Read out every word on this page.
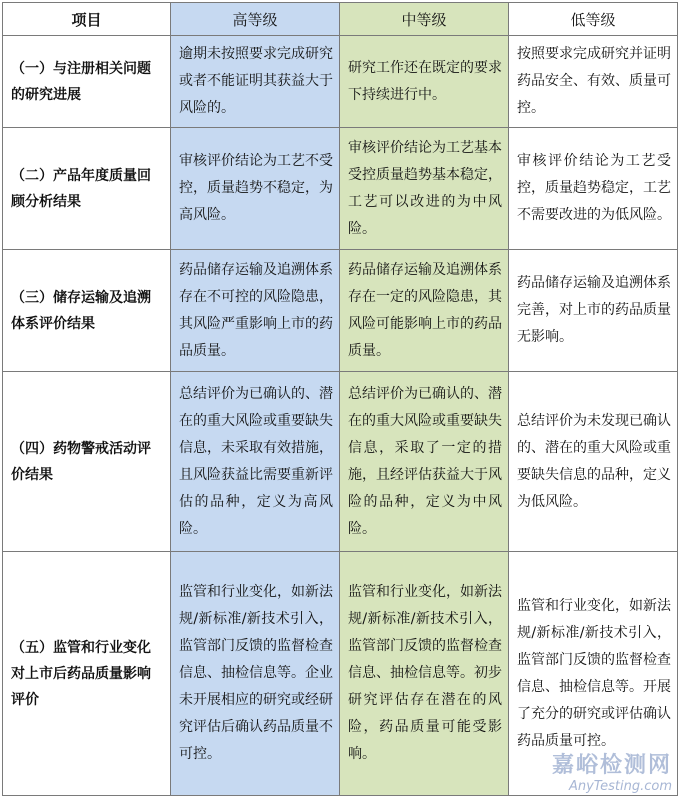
项目	高等级	中等级	低等级
（一）与注册相关问题的研究进展	逾期未按照要求完成研究或者不能证明其获益大于风险的。	研究工作还在既定的要求下持续进行中。	按照要求完成研究并证明药品安全、有效、质量可控。
（二）产品年度质量回顾分析结果	审核评价结论为工艺不受控，质量趋势不稳定，为高风险。	审核评价结论为工艺基本受控质量趋势基本稳定，工艺可以改进的为中风险。	审核评价结论为工艺受控，质量趋势稳定，工艺不需要改进的为低风险。
（三）储存运输及追溯体系评价结果	药品储存运输及追溯体系存在不可控的风险隐患，其风险严重影响上市的药品质量。	药品储存运输及追溯体系存在一定的风险隐患，其风险可能影响上市的药品质量。	药品储存运输及追溯体系完善，对上市的药品质量无影响。
（四）药物警戒活动评价结果	总结评价为已确认的、潜在的重大风险或重要缺失信息，未采取有效措施，且风险获益比需要重新评估的品种，定义为高风险。	总结评价为已确认的、潜在的重大风险或重要缺失信息，采取了一定的措施，且经评估获益大于风险的品种，定义为中风险。	总结评价为未发现已确认的、潜在的重大风险或重要缺失信息的品种，定义为低风险。
（五）监管和行业变化对上市后药品质量影响评价	监管和行业变化，如新法规/新标准/新技术引入，监管部门反馈的监督检查信息、抽检信息等。企业未开展相应的研究或经研究评估后确认药品质量不可控。	监管和行业变化，如新法规/新标准/新技术引入，监管部门反馈的监督检查信息、抽检信息等。初步研究评估存在潜在的风险，药品质量可能受影响。	监管和行业变化，如新法规/新标准/新技术引入，监管部门反馈的监督检查信息、抽检信息等。开展了充分的研究或评估确认药品质量可控。
嘉峪检测网
AnyTesting.com
